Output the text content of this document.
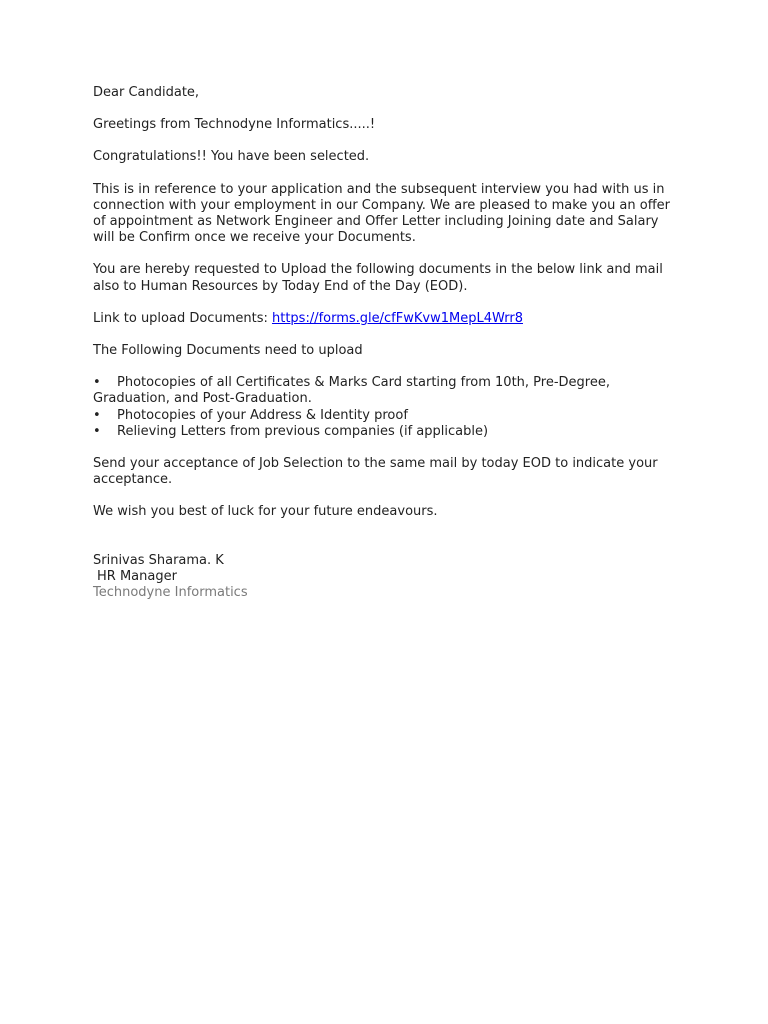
Dear Candidate,

Greetings from Technodyne Informatics.....!

Congratulations!! You have been selected.

This is in reference to your application and the subsequent interview you had with us in connection with your employment in our Company. We are pleased to make you an offer of appointment as Network Engineer and Offer Letter including Joining date and Salary will be Confirm once we receive your Documents.

You are hereby requested to Upload the following documents in the below link and mail also to Human Resources by Today End of the Day (EOD).

Link to upload Documents: https://forms.gle/cfFwKvw1MepL4Wrr8

The Following Documents need to upload

• Photocopies of all Certificates & Marks Card starting from 10th, Pre-Degree, Graduation, and Post-Graduation.
• Photocopies of your Address & Identity proof
• Relieving Letters from previous companies (if applicable)

Send your acceptance of Job Selection to the same mail by today EOD to indicate your acceptance.

We wish you best of luck for your future endeavours.

Srinivas Sharama. K
HR Manager
Technodyne Informatics
